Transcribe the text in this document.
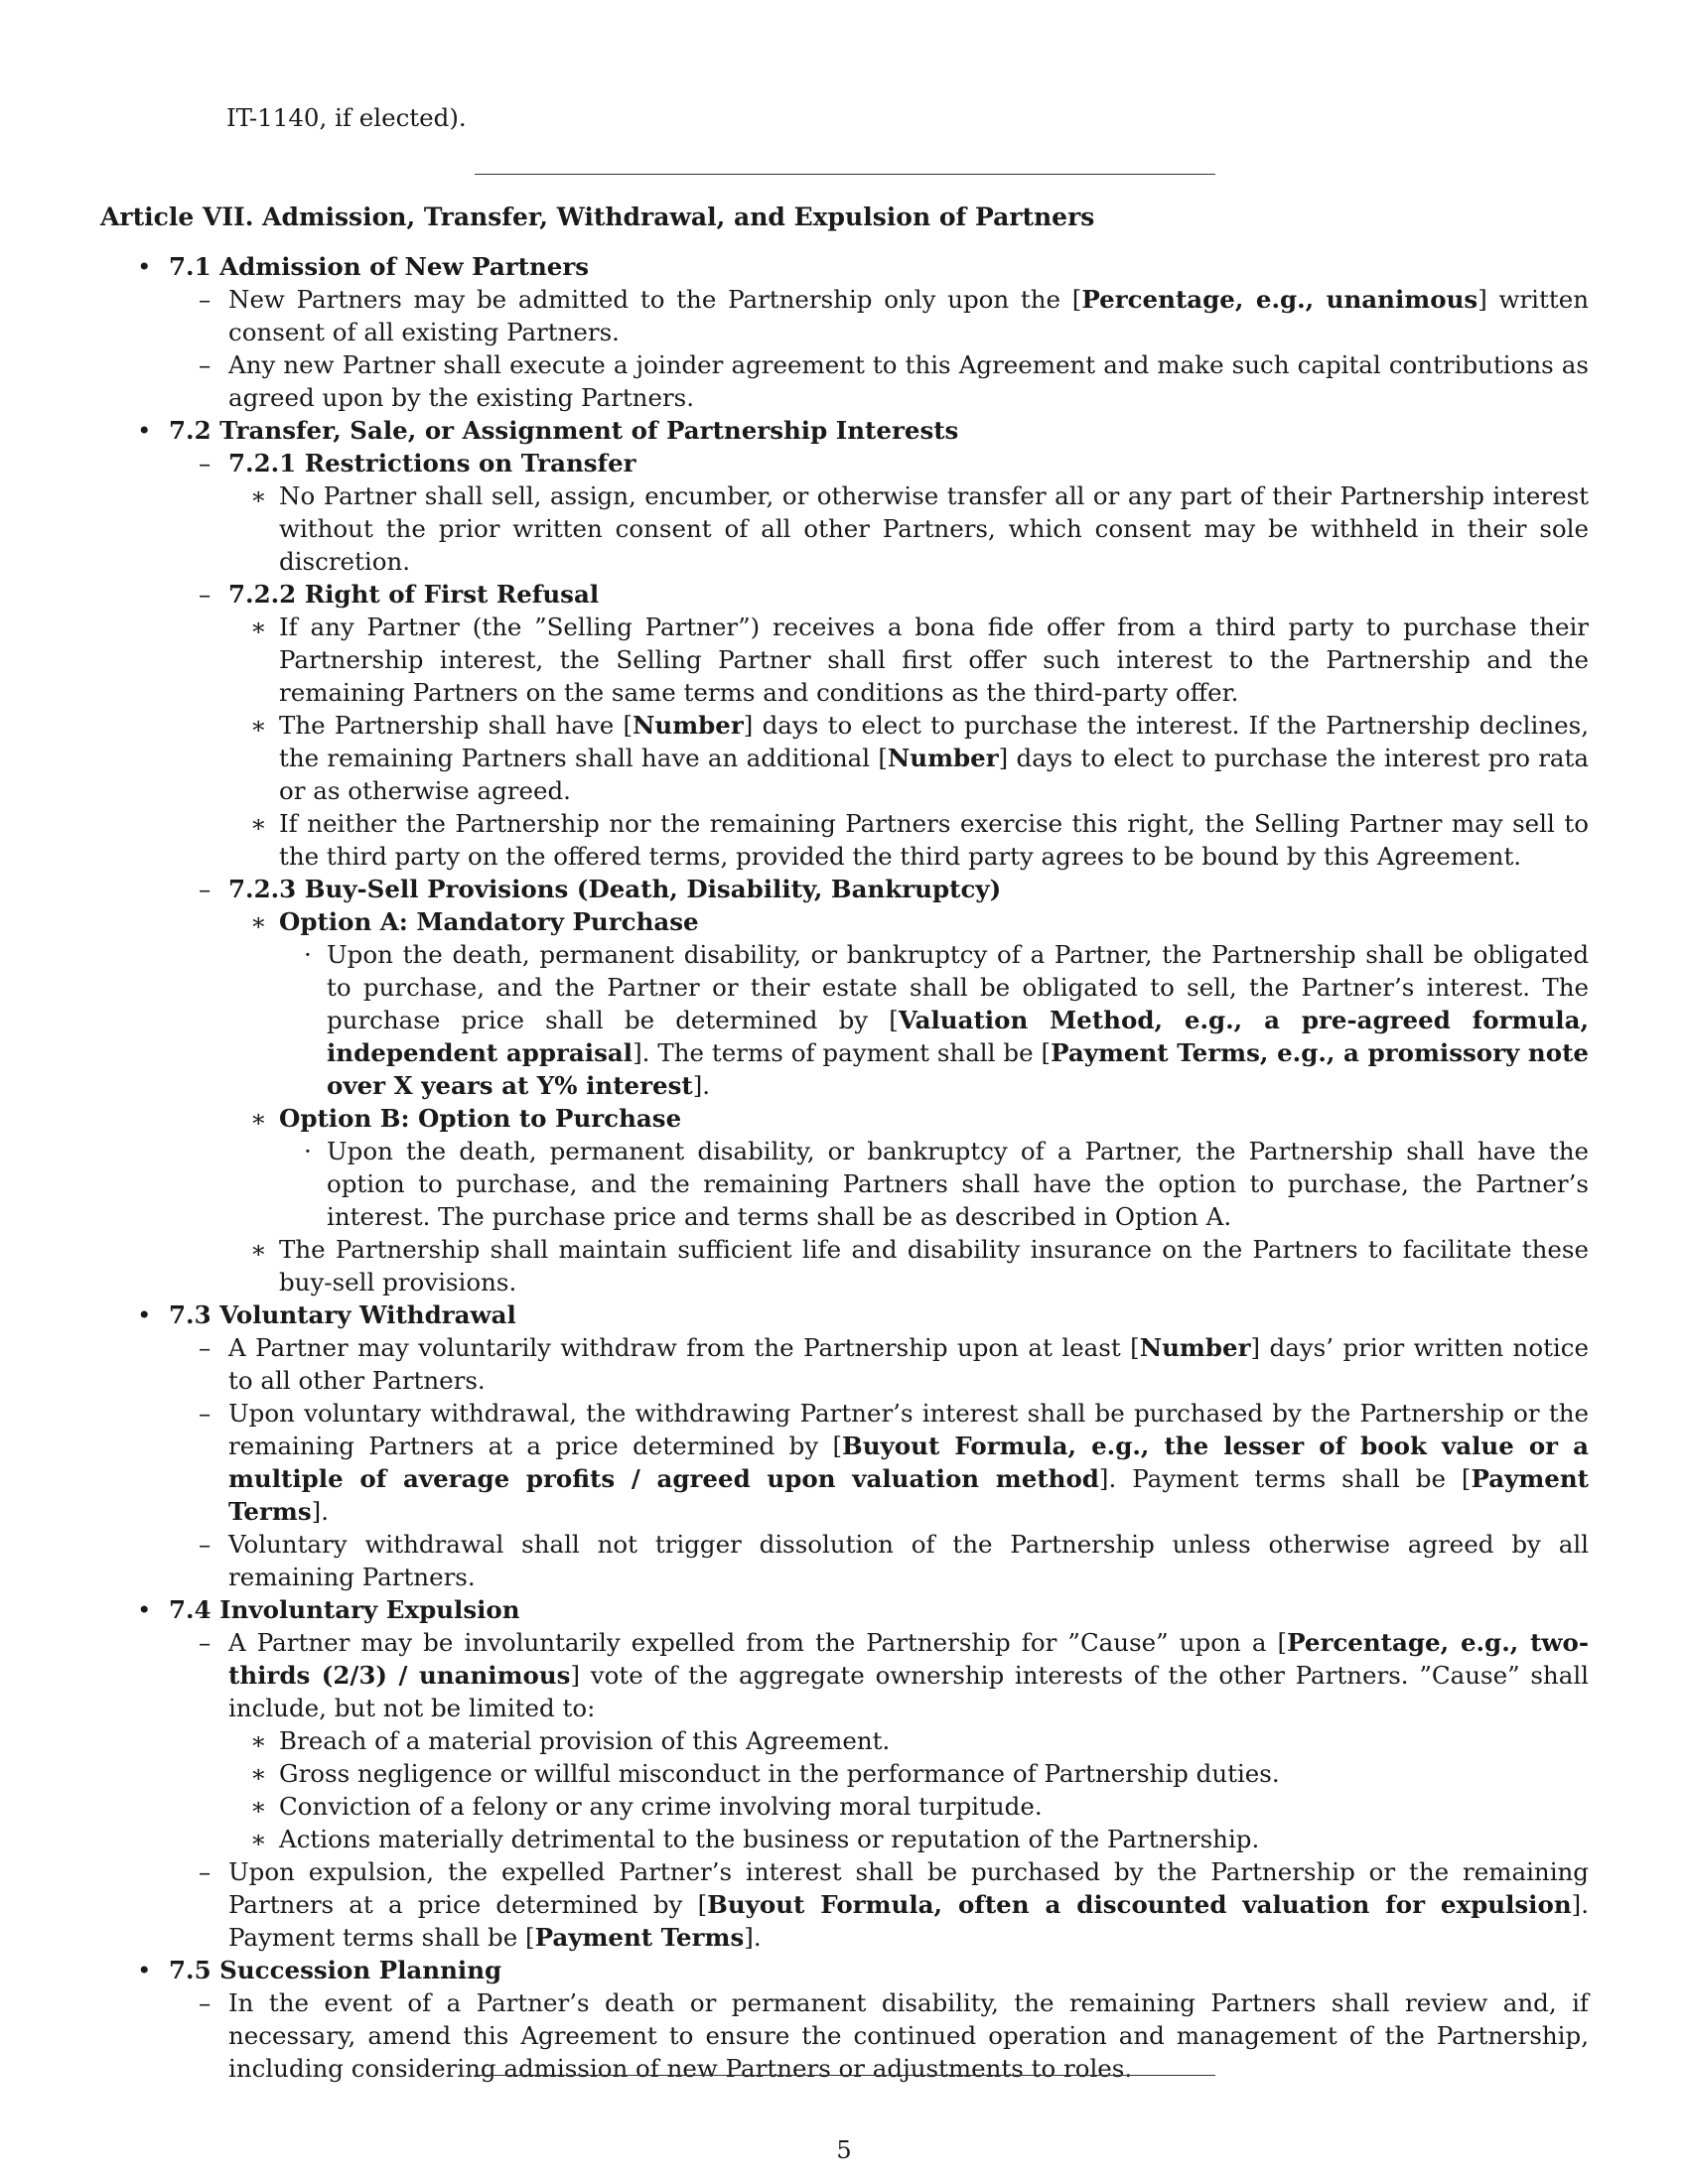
IT-1140, if elected).
Article VII. Admission, Transfer, Withdrawal, and Expulsion of Partners
• 7.1 Admission of New Partners
– New Partners may be admitted to the Partnership only upon the [Percentage, e.g., unanimous] written consent of all existing Partners.
– Any new Partner shall execute a joinder agreement to this Agreement and make such capital contributions as agreed upon by the existing Partners.
• 7.2 Transfer, Sale, or Assignment of Partnership Interests
– 7.2.1 Restrictions on Transfer
∗ No Partner shall sell, assign, encumber, or otherwise transfer all or any part of their Partnership interest without the prior written consent of all other Partners, which consent may be withheld in their sole discretion.
– 7.2.2 Right of First Refusal
∗ If any Partner (the ”Selling Partner”) receives a bona fide offer from a third party to purchase their Partnership interest, the Selling Partner shall first offer such interest to the Partnership and the remaining Partners on the same terms and conditions as the third-party offer.
∗ The Partnership shall have [Number] days to elect to purchase the interest. If the Partnership declines, the remaining Partners shall have an additional [Number] days to elect to purchase the interest pro rata or as otherwise agreed.
∗ If neither the Partnership nor the remaining Partners exercise this right, the Selling Partner may sell to the third party on the offered terms, provided the third party agrees to be bound by this Agreement.
– 7.2.3 Buy-Sell Provisions (Death, Disability, Bankruptcy)
∗ Option A: Mandatory Purchase
· Upon the death, permanent disability, or bankruptcy of a Partner, the Partnership shall be obligated to purchase, and the Partner or their estate shall be obligated to sell, the Partner’s interest. The purchase price shall be determined by [Valuation Method, e.g., a pre-agreed formula, independent appraisal]. The terms of payment shall be [Payment Terms, e.g., a promissory note over X years at Y% interest].
∗ Option B: Option to Purchase
· Upon the death, permanent disability, or bankruptcy of a Partner, the Partnership shall have the option to purchase, and the remaining Partners shall have the option to purchase, the Partner’s interest. The purchase price and terms shall be as described in Option A.
∗ The Partnership shall maintain sufficient life and disability insurance on the Partners to facilitate these buy-sell provisions.
• 7.3 Voluntary Withdrawal
– A Partner may voluntarily withdraw from the Partnership upon at least [Number] days’ prior written notice to all other Partners.
– Upon voluntary withdrawal, the withdrawing Partner’s interest shall be purchased by the Partnership or the remaining Partners at a price determined by [Buyout Formula, e.g., the lesser of book value or a multiple of average profits / agreed upon valuation method]. Payment terms shall be [Payment Terms].
– Voluntary withdrawal shall not trigger dissolution of the Partnership unless otherwise agreed by all remaining Partners.
• 7.4 Involuntary Expulsion
– A Partner may be involuntarily expelled from the Partnership for ”Cause” upon a [Percentage, e.g., two-thirds (2/3) / unanimous] vote of the aggregate ownership interests of the other Partners. ”Cause” shall include, but not be limited to:
∗ Breach of a material provision of this Agreement.
∗ Gross negligence or willful misconduct in the performance of Partnership duties.
∗ Conviction of a felony or any crime involving moral turpitude.
∗ Actions materially detrimental to the business or reputation of the Partnership.
– Upon expulsion, the expelled Partner’s interest shall be purchased by the Partnership or the remaining Partners at a price determined by [Buyout Formula, often a discounted valuation for expulsion]. Payment terms shall be [Payment Terms].
• 7.5 Succession Planning
– In the event of a Partner’s death or permanent disability, the remaining Partners shall review and, if necessary, amend this Agreement to ensure the continued operation and management of the Partnership, including considering admission of new Partners or adjustments to roles.
5
